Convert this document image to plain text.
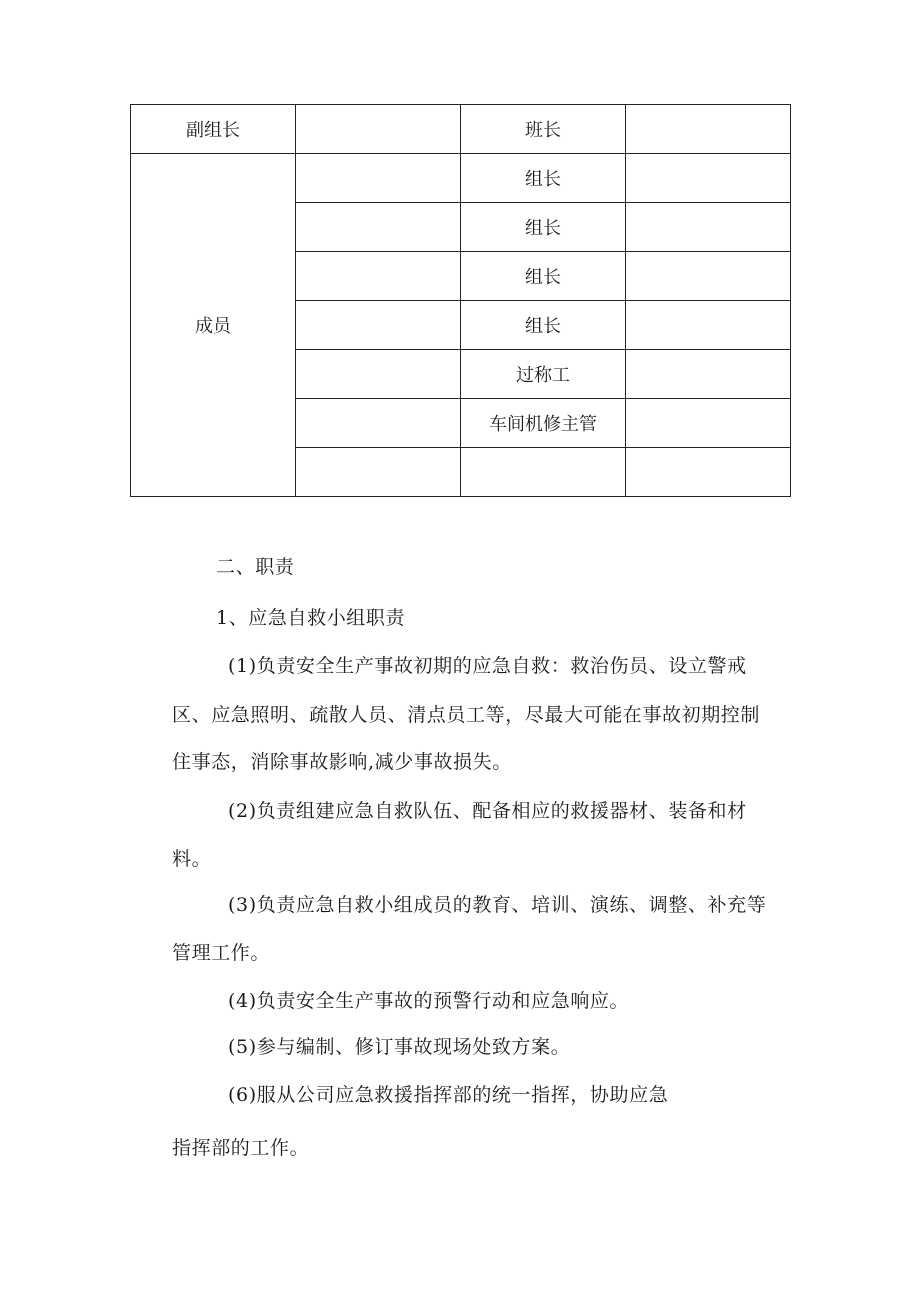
副组长		班长	
成员		组长	
		组长	
		组长	
		组长	
		过称工	
		车间机修主管	

二、职责
1、应急自救小组职责
(1)负责安全生产事故初期的应急自救：救治伤员、设立警戒
区、应急照明、疏散人员、清点员工等，尽最大可能在事故初期控制
住事态，消除事故影响,减少事故损失。
(2)负责组建应急自救队伍、配备相应的救援器材、装备和材
料。
(3)负责应急自救小组成员的教育、培训、演练、调整、补充等
管理工作。
(4)负责安全生产事故的预警行动和应急响应。
(5)参与编制、修订事故现场处致方案。
(6)服从公司应急救援指挥部的统一指挥，协助应急
指挥部的工作。
